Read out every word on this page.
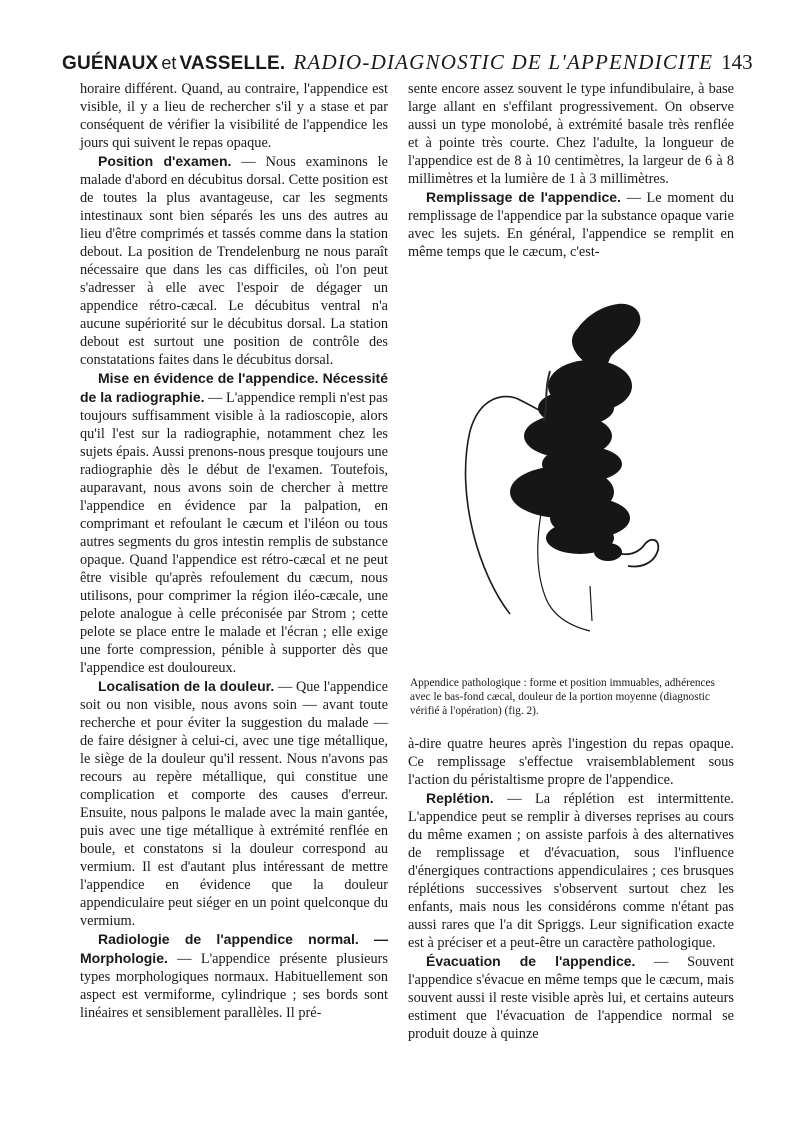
GUÉNAUX et VASSELLE. RADIO-DIAGNOSTIC DE L'APPENDICITE 143

horaire différent. Quand, au contraire, l'appendice est visible, il y a lieu de rechercher s'il y a stase et par conséquent de vérifier la visibilité de l'appendice les jours qui suivent le repas opaque.

Position d'examen. — Nous examinons le malade d'abord en décubitus dorsal. Cette position est de toutes la plus avantageuse, car les segments intestinaux sont bien séparés les uns des autres au lieu d'être comprimés et tassés comme dans la station debout. La position de Trendelenburg ne nous paraît nécessaire que dans les cas difficiles, où l'on peut s'adresser à elle avec l'espoir de dégager un appendice rétro-cæcal. Le décubitus ventral n'a aucune supériorité sur le décubitus dorsal. La station debout est surtout une position de contrôle des constatations faites dans le décubitus dorsal.

Mise en évidence de l'appendice. Nécessité de la radiographie. — L'appendice rempli n'est pas toujours suffisamment visible à la radioscopie, alors qu'il l'est sur la radiographie, notamment chez les sujets épais. Aussi prenons-nous presque toujours une radiographie dès le début de l'examen. Toutefois, auparavant, nous avons soin de chercher à mettre l'appendice en évidence par la palpation, en comprimant et refoulant le cæcum et l'iléon ou tous autres segments du gros intestin remplis de substance opaque. Quand l'appendice est rétro-cæcal et ne peut être visible qu'après refoulement du cæcum, nous utilisons, pour comprimer la région iléo-cæcale, une pelote analogue à celle préconisée par Strom ; cette pelote se place entre le malade et l'écran ; elle exige une forte compression, pénible à supporter dès que l'appendice est douloureux.

Localisation de la douleur. — Que l'appendice soit ou non visible, nous avons soin — avant toute recherche et pour éviter la suggestion du malade — de faire désigner à celui-ci, avec une tige métallique, le siège de la douleur qu'il ressent. Nous n'avons pas recours au repère métallique, qui constitue une complication et comporte des causes d'erreur. Ensuite, nous palpons le malade avec la main gantée, puis avec une tige métallique à extrémité renflée en boule, et constatons si la douleur correspond au vermium. Il est d'autant plus intéressant de mettre l'appendice en évidence que la douleur appendiculaire peut siéger en un point quelconque du vermium.

Radiologie de l'appendice normal. — Morphologie. — L'appendice présente plusieurs types morphologiques normaux. Habituellement son aspect est vermiforme, cylindrique ; ses bords sont linéaires et sensiblement parallèles. Il pré-

sente encore assez souvent le type infundibulaire, à base large allant en s'effilant progressivement. On observe aussi un type monolobé, à extrémité basale très renflée et à pointe très courte. Chez l'adulte, la longueur de l'appendice est de 8 à 10 centimètres, la largeur de 6 à 8 millimètres et la lumière de 1 à 3 millimètres.

Remplissage de l'appendice. — Le moment du remplissage de l'appendice par la substance opaque varie avec les sujets. En général, l'appendice se remplit en même temps que le cæcum, c'est-

Appendice pathologique : forme et position immuables, adhérences avec le bas-fond cæcal, douleur de la portion moyenne (diagnostic vérifié à l'opération) (fig. 2).

à-dire quatre heures après l'ingestion du repas opaque. Ce remplissage s'effectue vraisemblablement sous l'action du péristaltisme propre de l'appendice.

Replétion. — La réplétion est intermittente. L'appendice peut se remplir à diverses reprises au cours du même examen ; on assiste parfois à des alternatives de remplissage et d'évacuation, sous l'influence d'énergiques contractions appendiculaires ; ces brusques réplétions successives s'observent surtout chez les enfants, mais nous les considérons comme n'étant pas aussi rares que l'a dit Spriggs. Leur signification exacte est à préciser et a peut-être un caractère pathologique.

Évacuation de l'appendice. — Souvent l'appendice s'évacue en même temps que le cæcum, mais souvent aussi il reste visible après lui, et certains auteurs estiment que l'évacuation de l'appendice normal se produit douze à quinze
